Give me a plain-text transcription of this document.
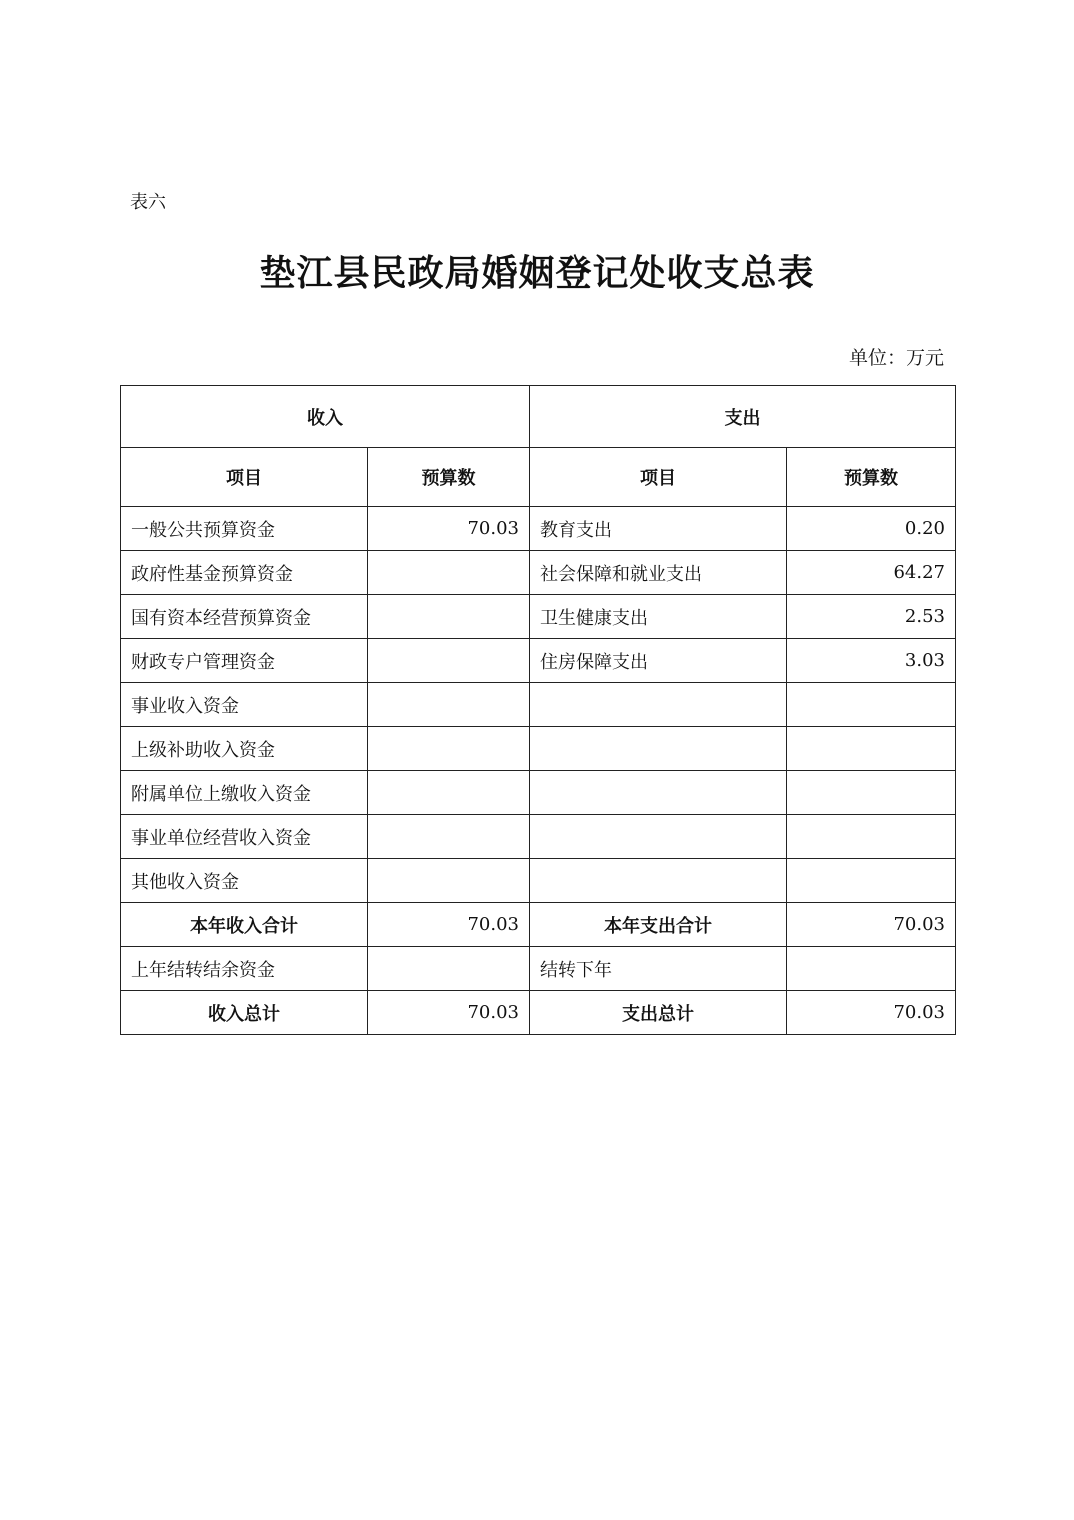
表六
垫江县民政局婚姻登记处收支总表
单位：万元
收入		支出	
项目	预算数	项目	预算数
一般公共预算资金	70.03	教育支出	0.20
政府性基金预算资金		社会保障和就业支出	64.27
国有资本经营预算资金		卫生健康支出	2.53
财政专户管理资金		住房保障支出	3.03
事业收入资金			
上级补助收入资金			
附属单位上缴收入资金			
事业单位经营收入资金			
其他收入资金			
本年收入合计	70.03	本年支出合计	70.03
上年结转结余资金		结转下年	
收入总计	70.03	支出总计	70.03
